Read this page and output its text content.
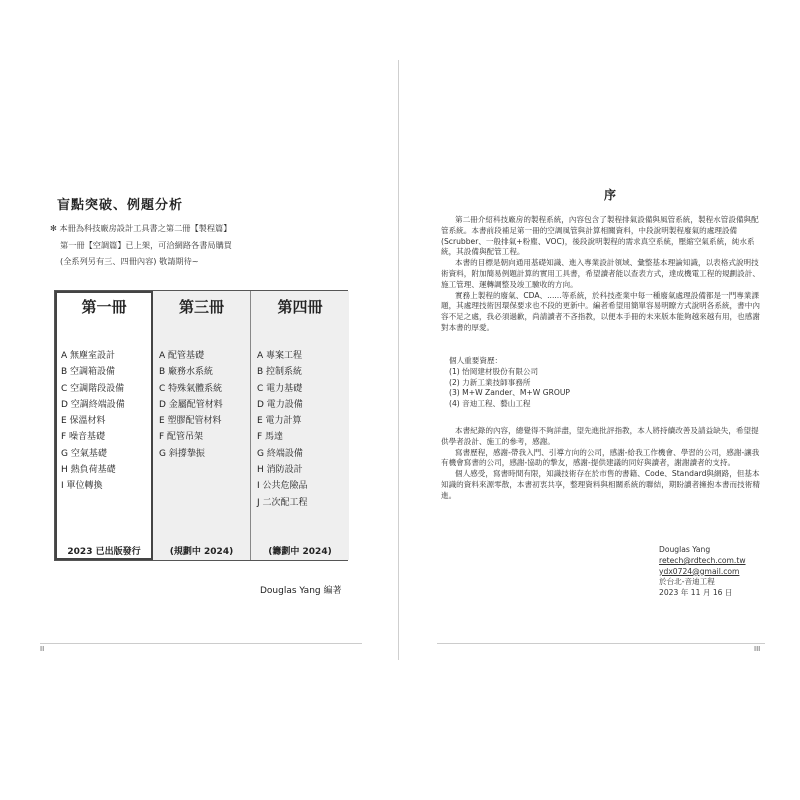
盲點突破、例題分析
✻ 本冊為科技廠房設計工具書之第二冊【製程篇】
第一冊【空調篇】已上架，可洽網路各書局購買
(全系列另有三、四冊內容) 敬請期待~
第三冊
A 配管基礎
B 廠務水系統
C 特殊氣體系統
D 金屬配管材料
E 塑膠配管材料
F 配管吊架
G 斜撐摯振
(規劃中 2024)
第四冊
A 專案工程
B 控制系統
C 電力基礎
D 電力設備
E 電力計算
F 馬達
G 終端設備
H 消防設計
I 公共危險品
J 二次配工程
(籌劃中 2024)
第一冊
A 無塵室設計
B 空調箱設備
C 空調階段設備
D 空調終端設備
E 保溫材料
F 噪音基礎
G 空氣基礎
H 熱負荷基礎
I 單位轉換
2023 已出版發行
Douglas Yang 編著
II
序

第二冊介紹科技廠房的製程系統，內容包含了製程排氣設備與風管系統，製程水管設備與配管系統。本書前段補足第一冊的空調風管與計算相關資料，中段說明製程廢氣的處理設備 (Scrubber、一般排氣+粉塵、VOC)，後段說明製程的需求真空系統，壓縮空氣系統，純水系統，其設備與配管工程。

本書的目標是朝向通用基礎知識、進入專業設計領域、彙整基本理論知識，以表格式說明技術資料，附加簡易例題計算的實用工具書，希望讀者能以查表方式，達成機電工程的規劃設計、施工管理、運轉調整及竣工驗收的方向。

實務上製程的廢氣、CDA、......等系統，於科技產業中每一種廢氣處理設備都是一門專業課題，其處理技術因環保要求也不段的更新中。編者希望用簡單容易明瞭方式說明各系統，書中內容不足之處，我必須過歉，尚請讀者不吝指教，以便本手冊的未來版本能夠越來越有用，也感謝對本書的厚愛。

個人重要資歷：

(1) 怡岡建材股份有限公司

(2) 力新工業技師事務所

(3) M+W Zander、M+W GROUP

(4) 音迪工程、藝山工程

本書紀錄的內容，總覺得不夠詳盡，望先進批評指教，本人將持續改善及請益缺失，希望提供學者設計、施工的參考，感謝。

寫書歷程，感謝-帶我入門、引導方向的公司，感謝-給我工作機會、學習的公司，感謝-讓我有機會寫書的公司，感謝-協助的摯友，感謝-提供建議的同好與讀者，謝謝讀者的支持。

個人感受，寫書時間有限，知識技術存在於市售的書籍、Code、Standard與網路，但基本知識的資料來源零散，本書初衷共享，整理資料與相關系統的聯結，期盼讀者擁抱本書而技術精進。

Douglas Yang
retech@rdtech.com.tw
ydx0724@gmail.com
於台北-音迪工程
2023 年 11 月 16 日
III
